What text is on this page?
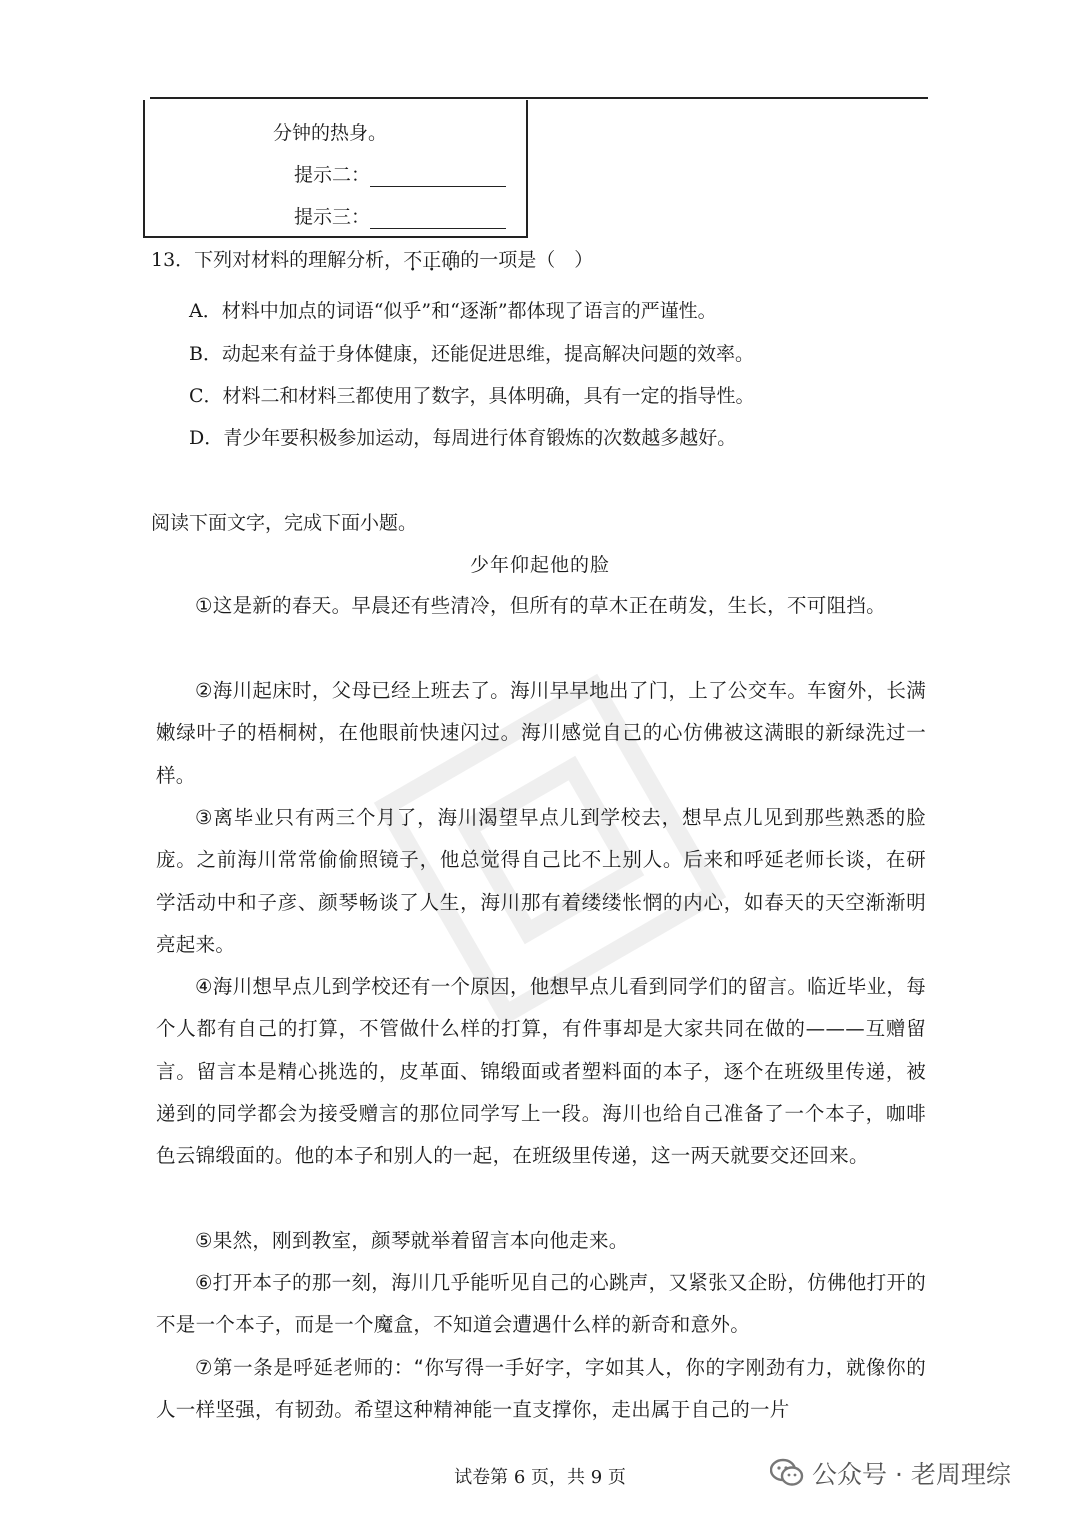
分钟的热身。
提示二：
提示三：
13．下列对材料的理解分析，不正确的一项是（　）
A．材料中加点的词语“似乎”和“逐渐”都体现了语言的严谨性。
B．动起来有益于身体健康，还能促进思维，提高解决问题的效率。
C．材料二和材料三都使用了数字，具体明确，具有一定的指导性。
D．青少年要积极参加运动，每周进行体育锻炼的次数越多越好。
阅读下面文字，完成下面小题。
少年仰起他的脸
①这是新的春天。早晨还有些清冷，但所有的草木正在萌发，生长，不可阻挡。
②海川起床时，父母已经上班去了。海川早早地出了门，上了公交车。车窗外，长满嫩绿叶子的梧桐树，在他眼前快速闪过。海川感觉自己的心仿佛被这满眼的新绿洗过一样。
③离毕业只有两三个月了，海川渴望早点儿到学校去，想早点儿见到那些熟悉的脸庞。之前海川常常偷偷照镜子，他总觉得自己比不上别人。后来和呼延老师长谈，在研学活动中和子彦、颜琴畅谈了人生，海川那有着缕缕怅惘的内心，如春天的天空渐渐明亮起来。
④海川想早点儿到学校还有一个原因，他想早点儿看到同学们的留言。临近毕业，每个人都有自己的打算，不管做什么样的打算，有件事却是大家共同在做的———互赠留言。留言本是精心挑选的，皮革面、锦缎面或者塑料面的本子，逐个在班级里传递，被递到的同学都会为接受赠言的那位同学写上一段。海川也给自己准备了一个本子，咖啡色云锦缎面的。他的本子和别人的一起，在班级里传递，这一两天就要交还回来。
⑤果然，刚到教室，颜琴就举着留言本向他走来。
⑥打开本子的那一刻，海川几乎能听见自己的心跳声，又紧张又企盼，仿佛他打开的不是一个本子，而是一个魔盒，不知道会遭遇什么样的新奇和意外。
⑦第一条是呼延老师的：“你写得一手好字，字如其人，你的字刚劲有力，就像你的人一样坚强，有韧劲。希望这种精神能一直支撑你，走出属于自己的一片
试卷第 6 页，共 9 页	公众号 · 老周理综
